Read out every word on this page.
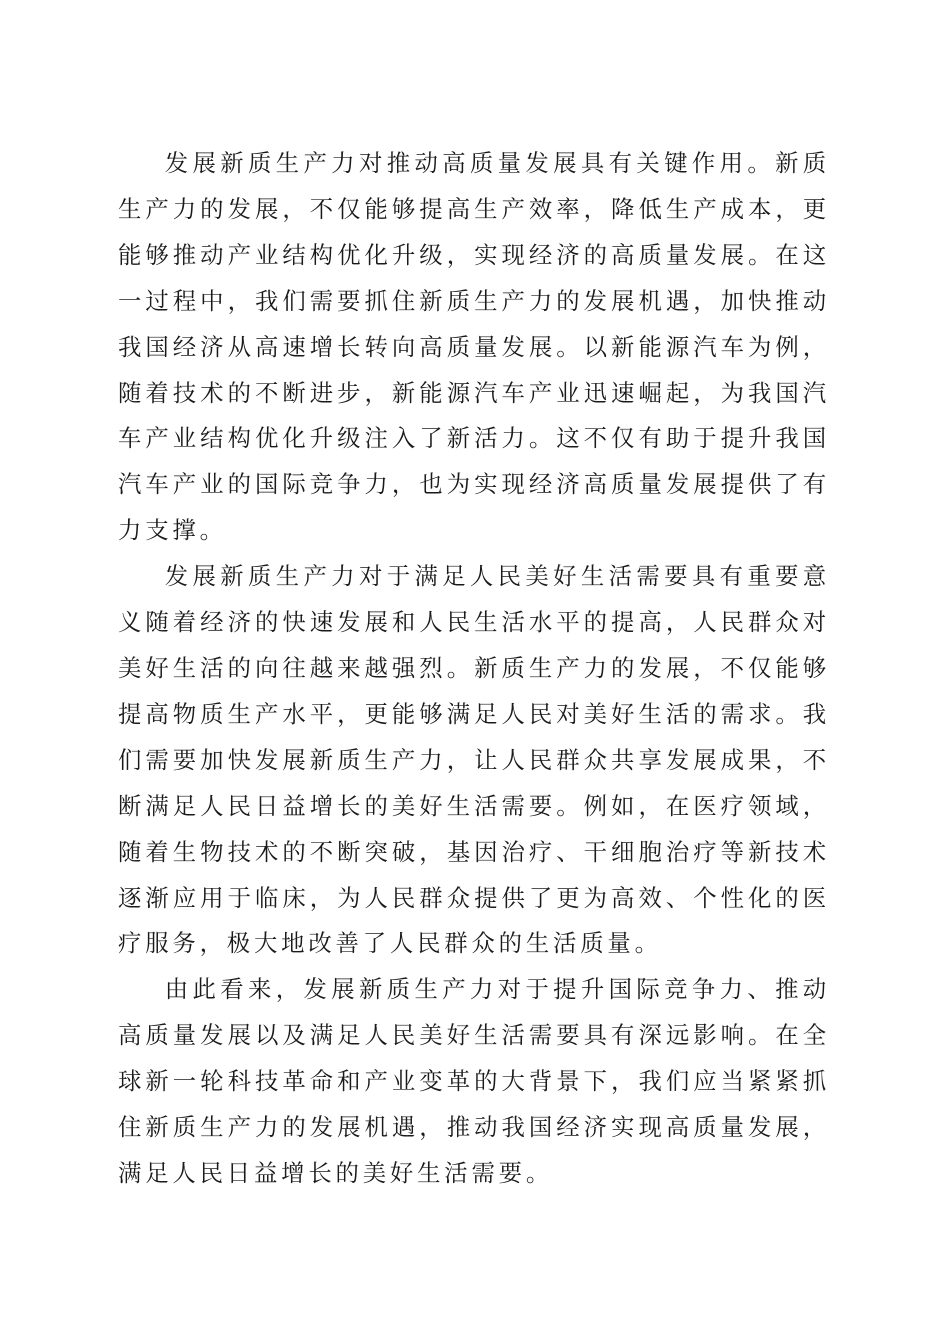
发展新质生产力对推动高质量发展具有关键作用。新质生产力的发展，不仅能够提高生产效率，降低生产成本，更能够推动产业结构优化升级，实现经济的高质量发展。在这一过程中，我们需要抓住新质生产力的发展机遇，加快推动我国经济从高速增长转向高质量发展。以新能源汽车为例，随着技术的不断进步，新能源汽车产业迅速崛起，为我国汽车产业结构优化升级注入了新活力。这不仅有助于提升我国汽车产业的国际竞争力，也为实现经济高质量发展提供了有力支撑。

发展新质生产力对于满足人民美好生活需要具有重要意义随着经济的快速发展和人民生活水平的提高，人民群众对美好生活的向往越来越强烈。新质生产力的发展，不仅能够提高物质生产水平，更能够满足人民对美好生活的需求。我们需要加快发展新质生产力，让人民群众共享发展成果，不断满足人民日益增长的美好生活需要。例如，在医疗领域，随着生物技术的不断突破，基因治疗、干细胞治疗等新技术逐渐应用于临床，为人民群众提供了更为高效、个性化的医疗服务，极大地改善了人民群众的生活质量。

由此看来，发展新质生产力对于提升国际竞争力、推动高质量发展以及满足人民美好生活需要具有深远影响。在全球新一轮科技革命和产业变革的大背景下，我们应当紧紧抓住新质生产力的发展机遇，推动我国经济实现高质量发展，满足人民日益增长的美好生活需要。
